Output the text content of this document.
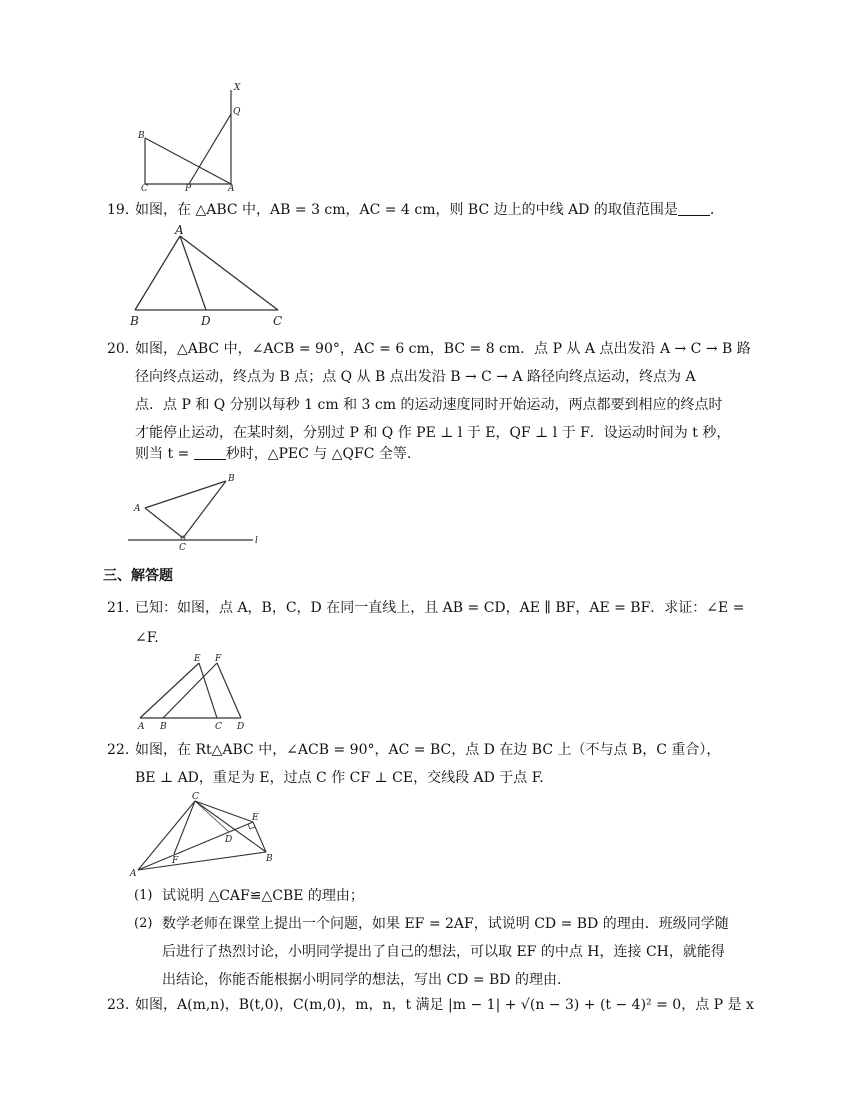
X
Q
B
C	P	A
19. 如图，在 △ABC 中，AB = 3 cm，AC = 4 cm，则 BC 边上的中线 AD 的取值范围是 .
A
B	D	C
20. 如图，△ABC 中，∠ACB = 90°，AC = 6 cm，BC = 8 cm．点 P 从 A 点出发沿 A → C → B 路
径向终点运动，终点为 B 点；点 Q 从 B 点出发沿 B → C → A 路径向终点运动，终点为 A
点．点 P 和 Q 分别以每秒 1 cm 和 3 cm 的运动速度同时开始运动，两点都要到相应的终点时
才能停止运动，在某时刻，分别过 P 和 Q 作 PE ⊥ l 于 E，QF ⊥ l 于 F．设运动时间为 t 秒，
则当 t =	秒时，△PEC 与 △QFC 全等.
B
A
C
l
三、解答题
21. 已知：如图，点 A，B，C，D 在同一直线上，且 AB = CD，AE ∥ BF，AE = BF．求证：∠E =
∠F.
E F
A B	C D
22. 如图，在 Rt△ABC 中，∠ACB = 90°，AC = BC，点 D 在边 BC 上（不与点 B，C 重合），
BE ⊥ AD，重足为 E，过点 C 作 CF ⊥ CE，交线段 AD 于点 F.
C
E
D
F
A
B
(1) 试说明 △CAF≌△CBE 的理由；
(2) 数学老师在课堂上提出一个问题，如果 EF = 2AF，试说明 CD = BD 的理由．班级同学随
后进行了热烈讨论，小明同学提出了自己的想法，可以取 EF 的中点 H，连接 CH，就能得
出结论，你能否能根据小明同学的想法，写出 CD = BD 的理由.
23. 如图，A(m,n)，B(t,0)，C(m,0)，m，n，t 满足 |m − 1| + √(n − 3) + (t − 4)² = 0，点 P 是 x
